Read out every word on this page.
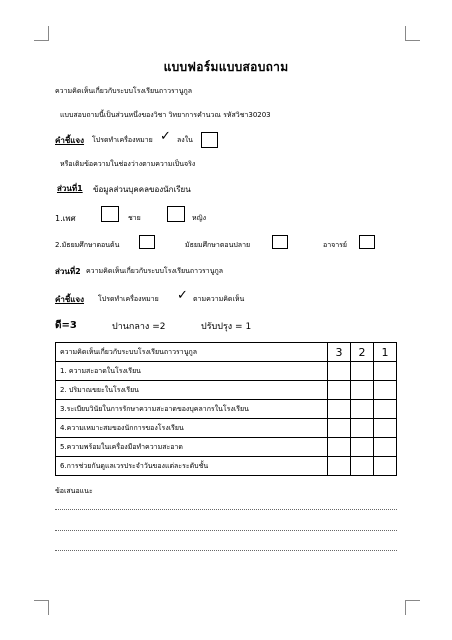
แบบฟอร์มแบบสอบถาม
ความคิดเห็นเกี่ยวกับระบบโรงเรียนถาวรานูกูล
แบบสอบถามนี้เป็นส่วนหนึ่งของวิชา วิทยาการคำนวณ รหัสวิชา30203
คำชี้แจง โปรดทำเครื่องหมาย ✓ ลงใน
หรือเติมข้อความในช่องว่างตามความเป็นจริง
ส่วนที่1 ข้อมูลส่วนบุคคลของนักเรียน
1.เพศ	ชาย	หญิง
2.มัธยมศึกษาตอนต้น	มัธยมศึกษาตอนปลาย	อาจารย์
ส่วนที่2 ความคิดเห็นเกี่ยวกับระบบโรงเรียนถาวรานูกูล
คำชี้แจง โปรดทำเครื่องหมาย ✓ ตามความคิดเห็น
ดี=3	ปานกลาง =2	ปรับปรุง = 1
ความคิดเห็นเกี่ยวกับระบบโรงเรียนถาวรานูกูล	3	2	1
1. ความสะอาดในโรงเรียน			
2. ปริมาณขยะในโรงเรียน			
3.ระเบียบวินัยในการรักษาความสะอาดของบุคลากรในโรงเรียน			
4.ความเหมาะสมของนักการของโรงเรียน			
5.ความพร้อมในเครื่องมือทำความสะอาด			
6.การช่วยกันดูแลเวรประจำวันของแต่ละระดับชั้น			
ข้อเสนอแนะ
